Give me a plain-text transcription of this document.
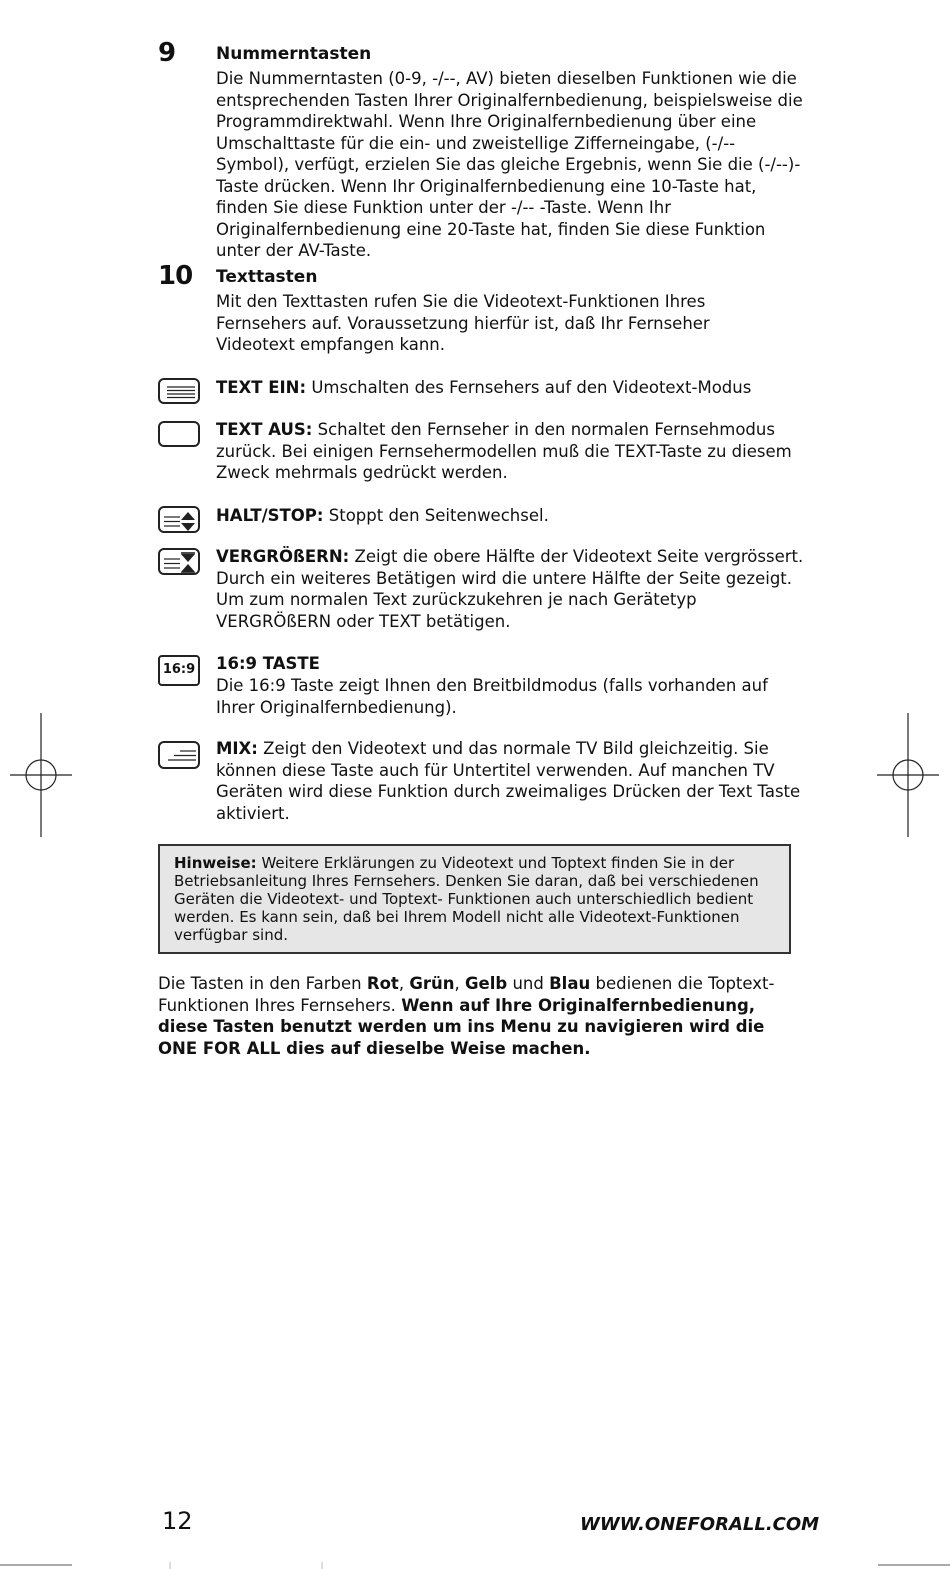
9 Nummerntasten

Die Nummerntasten (0-9, -/--, AV) bieten dieselben Funktionen wie die entsprechenden Tasten Ihrer Originalfernbedienung, beispielsweise die Programmdirektwahl. Wenn Ihre Originalfernbedienung über eine Umschalttaste für die ein- und zweistellige Zifferneingabe, (-/-- Symbol), verfügt, erzielen Sie das gleiche Ergebnis, wenn Sie die (-/--)-Taste drücken. Wenn Ihr Originalfernbedienung eine 10-Taste hat, finden Sie diese Funktion unter der -/-- -Taste. Wenn Ihr Originalfernbedienung eine 20-Taste hat, finden Sie diese Funktion unter der AV-Taste.

10 Texttasten

Mit den Texttasten rufen Sie die Videotext-Funktionen Ihres Fernsehers auf. Voraussetzung hierfür ist, daß Ihr Fernseher Videotext empfangen kann.

TEXT EIN: Umschalten des Fernsehers auf den Videotext-Modus

TEXT AUS: Schaltet den Fernseher in den normalen Fernsehmodus zurück. Bei einigen Fernsehermodellen muß die TEXT-Taste zu diesem Zweck mehrmals gedrückt werden.

HALT/STOP: Stoppt den Seitenwechsel.

VERGRÖßERN: Zeigt die obere Hälfte der Videotext Seite vergrössert. Durch ein weiteres Betätigen wird die untere Hälfte der Seite gezeigt. Um zum normalen Text zurückzukehren je nach Gerätetyp VERGRÖßERN oder TEXT betätigen.

16:9 16:9 TASTE

Die 16:9 Taste zeigt Ihnen den Breitbildmodus (falls vorhanden auf Ihrer Originalfernbedienung).

MIX: Zeigt den Videotext und das normale TV Bild gleichzeitig. Sie können diese Taste auch für Untertitel verwenden. Auf manchen TV Geräten wird diese Funktion durch zweimaliges Drücken der Text Taste aktiviert.

Hinweise: Weitere Erklärungen zu Videotext und Toptext finden Sie in der Betriebsanleitung Ihres Fernsehers. Denken Sie daran, daß bei verschiedenen Geräten die Videotext- und Toptext- Funktionen auch unterschiedlich bedient werden. Es kann sein, daß bei Ihrem Modell nicht alle Videotext-Funktionen verfügbar sind.

Die Tasten in den Farben Rot, Grün, Gelb und Blau bedienen die Toptext-Funktionen Ihres Fernsehers. Wenn auf Ihre Originalfernbedienung, diese Tasten benutzt werden um ins Menu zu navigieren wird die ONE FOR ALL dies auf dieselbe Weise machen.

12	WWW.ONEFORALL.COM
